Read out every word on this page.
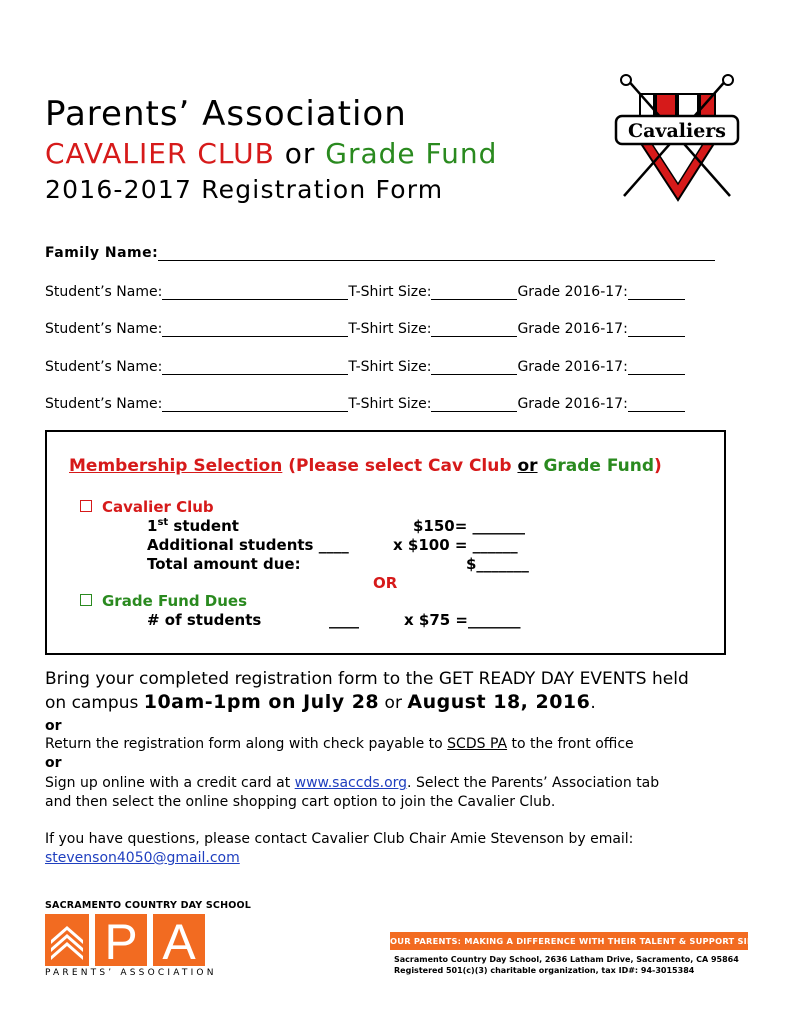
Parents’ Association
CAVALIER CLUB or Grade Fund
2016-2017 Registration Form
Cavaliers
Family Name:
Student’s Name:	T-Shirt Size:	Grade 2016-17:
Student’s Name:	T-Shirt Size:	Grade 2016-17:
Student’s Name:	T-Shirt Size:	Grade 2016-17:
Student’s Name:	T-Shirt Size:	Grade 2016-17:
Membership Selection (Please select Cav Club or Grade Fund)
Cavalier Club
1st student	$150= _______
Additional students ____	x $100 = ______
Total amount due:	$_______
OR
Grade Fund Dues
# of students	____	x $75 =_______
Bring your completed registration form to the GET READY DAY EVENTS held
on campus 10am-1pm on July 28 or August 18, 2016.
or
Return the registration form along with check payable to SCDS PA to the front office
or
Sign up online with a credit card at www.saccds.org. Select the Parents’ Association tab
and then select the online shopping cart option to join the Cavalier Club.
If you have questions, please contact Cavalier Club Chair Amie Stevenson by email:
stevenson4050@gmail.com
SACRAMENTO COUNTRY DAY SCHOOL
P A
PARENTS’ ASSOCIATION
OUR PARENTS: MAKING A DIFFERENCE WITH THEIR TALENT & SUPPORT SINCE 1964
Sacramento Country Day School, 2636 Latham Drive, Sacramento, CA 95864
Registered 501(c)(3) charitable organization, tax ID#: 94-3015384
